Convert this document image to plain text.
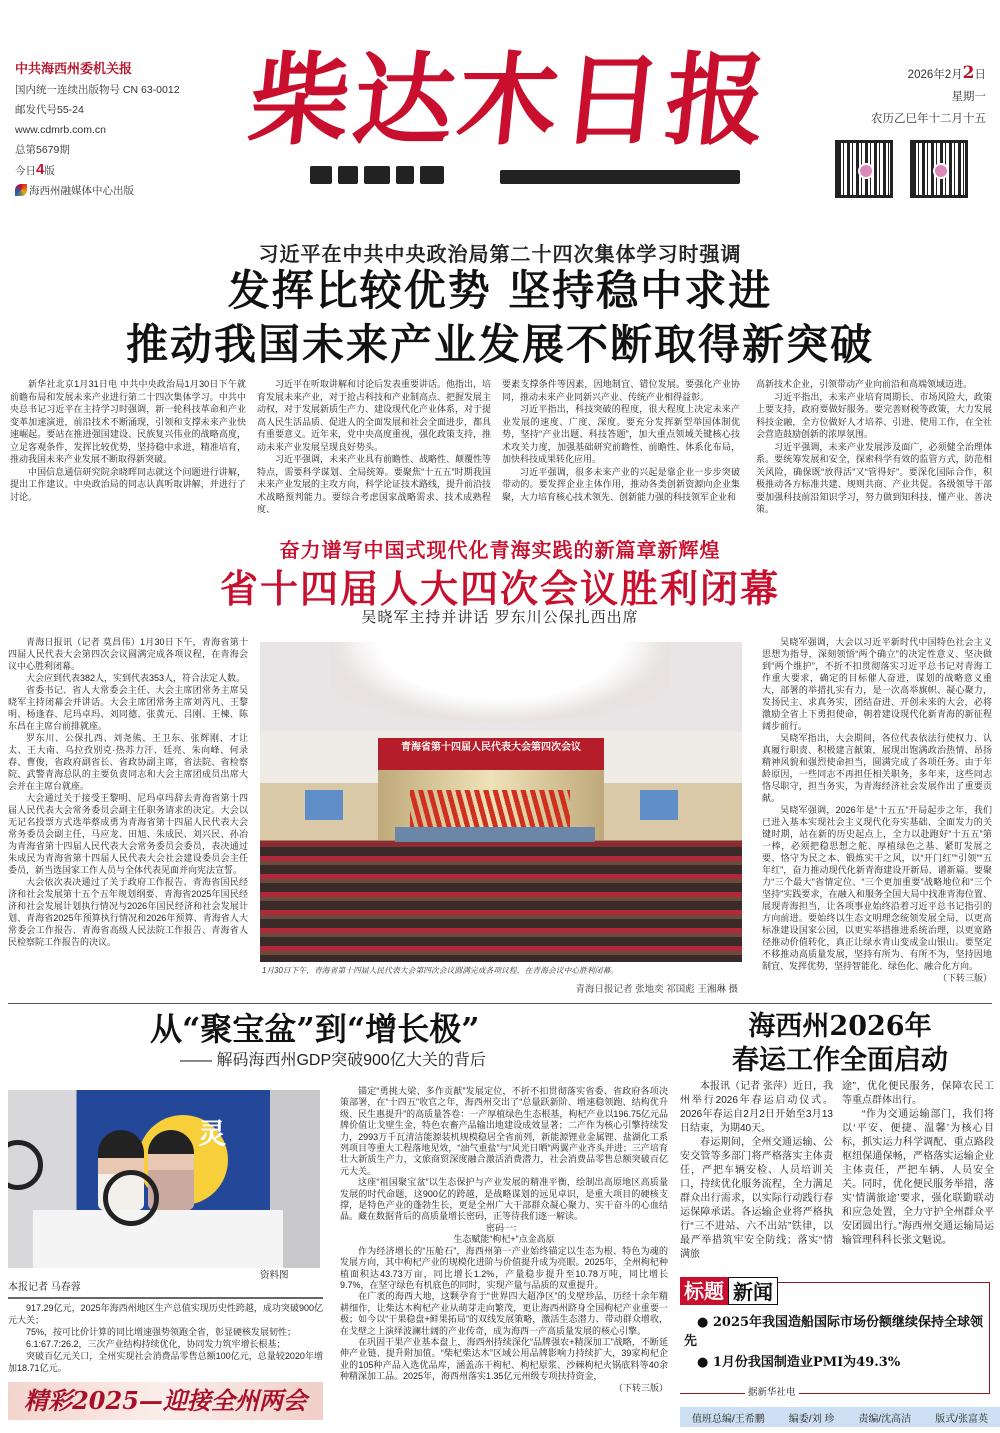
中共海西州委机关报
国内统一连续出版物号 CN 63-0012
邮发代号55-24
www.cdmrb.com.cn
总第5679期
今日4版
海西州融媒体中心出版
柴达木日报	2026年2月2日
星期一
农历乙巳年十二月十五
习近平在中共中央政治局第二十四次集体学习时强调
发挥比较优势 坚持稳中求进
推动我国未来产业发展不断取得新突破

新华社北京1月31日电 中共中央政治局1月30日下午就前瞻布局和发展未来产业进行第二十四次集体学习。中共中央总书记习近平在主持学习时强调，新一轮科技革命和产业变革加速演进，前沿技术不断涌现，引领和支撑未来产业快速崛起。要站在推进强国建设、民族复兴伟业的战略高度，立足客观条件，发挥比较优势，坚持稳中求进，精准培育，推动我国未来产业发展不断取得新突破。

中国信息通信研究院余晓晖同志就这个问题进行讲解，提出工作建议。中央政治局的同志认真听取讲解，并进行了讨论。

习近平在听取讲解和讨论后发表重要讲话。他指出，培育发展未来产业，对于抢占科技和产业制高点、把握发展主动权，对于发展新质生产力、建设现代化产业体系，对于提高人民生活品质、促进人的全面发展和社会全面进步，都具有重要意义。近年来，党中央高度重视，强化政策支持，推动未来产业发展呈现良好势头。

习近平强调，未来产业具有前瞻性、战略性、颠覆性等特点，需要科学谋划、全局统筹。要聚焦“十五五”时期我国未来产业发展的主攻方向，科学论证技术路线，提升前沿技术战略预判能力。要综合考虑国家战略需求、技术成熟程度、

要素支撑条件等因素，因地制宜、错位发展。要强化产业协同，推动未来产业同新兴产业、传统产业相得益彰。

习近平指出，科技突破的程度，很大程度上决定未来产业发展的速度、广度、深度。要充分发挥新型举国体制优势，坚持“产业出题、科技答题”，加大重点领域关键核心技术攻关力度，加强基础研究前瞻性、前瞻性、体系化布局，加快科技成果转化应用。

习近平强调，很多未来产业的兴起是靠企业一步步突破带动的。要发挥企业主体作用，推动各类创新资源向企业集聚，大力培育核心技术领先、创新能力强的科技领军企业和

高新技术企业，引领带动产业向前沿和高端领域迈进。

习近平指出，未来产业培育周期长、市场风险大，政策上要支持，政府要做好服务。要完善财税等政策，大力发展科技金融，全方位做好人才培养、引进、使用工作，在全社会营造鼓励创新的浓厚氛围。

习近平强调，未来产业发展涉及面广，必须健全治理体系。要统筹发展和安全，探索科学有效的监管方式，防范相关风险，确保既“放得活”又“管得好”。要深化国际合作，积极推动各方标准共建、规则共商、产业共促。各级领导干部要加强科技前沿知识学习，努力做到知科技、懂产业、善决策。

奋力谱写中国式现代化青海实践的新篇章新辉煌
省十四届人大四次会议胜利闭幕
吴晓军主持并讲话 罗东川公保扎西出席

青海日报讯（记者 莫昌伟）1月30日下午，青海省第十四届人民代表大会第四次会议圆满完成各项议程，在青海会议中心胜利闭幕。

大会应到代表382人，实到代表353人，符合法定人数。

省委书记、省人大常委会主任、大会主席团常务主席吴晓军主持闭幕会并讲话。大会主席团常务主席刘芮凡、王黎明、杨逢春、尼玛卓玛、刘同德、张黄元、吕刚、王楝、陈东昌在主席台前排就座。

罗东川、公保扎西、刘尧熊、王卫东、张辉刚、才让太、王大南、乌拉孜别克·热苏力汗、廷亮、朱向峰、何录春、曹俊，省政府副省长、省政协副主席，省法院、省检察院、武警青海总队的主要负责同志和大会主席团成员出席大会并在主席台就座。

大会通过关于接受王黎明、尼玛卓玛辞去青海省第十四届人民代表大会常务委员会副主任职务请求的决定。大会以无记名投票方式选举蔡成勇为青海省第十四届人民代表大会常务委员会副主任，马应龙、田旭、朱成民、刘兴民、孙冶为青海省第十四届人民代表大会常务委员会委员，表决通过朱成民为青海省第十四届人民代表大会社会建设委员会主任委员，新当选国家工作人员与全体代表见面并向宪法宣誓。

大会依次表决通过了关于政府工作报告、青海省国民经济和社会发展第十五个五年规划纲要、青海省2025年国民经济和社会发展计划执行情况与2026年国民经济和社会发展计划、青海省2025年预算执行情况和2026年预算、青海省人大常委会工作报告、青海省高级人民法院工作报告、青海省人民检察院工作报告的决议。

青海省第十四届人民代表大会第四次会议
1月30日下午，青海省第十四届人民代表大会第四次会议圆满完成各项议程，在青海会议中心胜利闭幕。
青海日报记者 张地奕 祁国彪 王湘琳 摄

吴晓军强调，大会以习近平新时代中国特色社会主义思想为指导，深刻领悟“两个确立”的决定性意义、坚决做到“两个维护”，不折不扣贯彻落实习近平总书记对青海工作重大要求，确定的目标催人奋进，谋划的战略意义重大，部署的举措扎实有力，是一次高举旗帜、凝心聚力，发扬民主、求真务实，团结奋进、开创未来的大会，必将激励全省上下勇担使命，朝着建设现代化新青海的新征程阔步前行。

吴晓军指出，大会期间，各位代表依法行使权力、认真履行职责、积极建言献策，展现出饱满政治热情、昂扬精神风貌和强烈使命担当，圆满完成了各项任务。由于年龄原因，一些同志不再担任相关职务，多年来，这些同志恪尽职守，担当务实，为青海经济社会发展作出了重要贡献。

吴晓军强调，2026年是“十五五”开局起步之年，我们已进入基本实现社会主义现代化夯实基础、全面发力的关键时期，站在新的历史起点上，全力以赴跑好“十五五”第一棒，必须把稳思想之舵、厚植绿色之基、紧盯发展之要、恪守为民之本、锻炼实干之风，以“开门红”“引领”“五年红”，奋力推动现代化新青海建设开新局、谱新篇。要聚力“三个最大”省情定位、“三个更加重要”战略地位和“三个坚持”实践要求，在融入和服务全国大局中找准青海位置、展现青海担当，让各项事业始终沿着习近平总书记指引的方向前进。要始终以生态文明理念统领发展全局，以更高标准建设国家公园，以更实举措推进系统治理，以更宽路径推动价值转化，真正让绿水青山变成金山银山。要坚定不移推动高质量发展，坚持有所为、有所不为，坚持因地制宜、发挥优势，坚持智能化、绿色化、融合化方向。

（下转三版）
从“聚宝盆”到“增长极”
—— 解码海西州GDP突破900亿大关的背后
灵
资料图
本报记者 马春蓉

917.29亿元，2025年海西州地区生产总值实现历史性跨越，成功突破900亿元大关；

75%，按可比价计算的同比增速强势领跑全省，彰显硬核发展韧性；

6.1:67.7:26.2，三次产业结构持续优化，协同发力筑牢增长根基；

突破百亿元关口，全州实现社会消费品零售总额100亿元，总量较2020年增加18.71亿元。

精彩2025—迎接全州两会

锚定“勇挑大梁、多作贡献”发展定位，不折不扣贯彻落实省委、省政府各项决策部署，在“十四五”收官之年，海西州交出了“总量跃新阶、增速稳领跑、结构优升级、民生惠提升”的高质量答卷：一产厚植绿色生态根基，枸杞产业以196.75亿元品牌价值让戈壁生金，特色农畜产品输出地建设成效显著；二产作为核心引擎持续发力，2993万千瓦清洁能源装机规模稳居全省前列，新能源锂业金属锂、盐湖化工系列项目等重大工程落地见效，“油气重盐”与“风光日晒”两翼产业齐头并进；三产培育壮大新质生产力，文旅商贸深度融合激活消费潜力，社会消费品零售总额突破百亿元大关。

这座“祖国聚宝盆”以生态保护与产业发展的精准平衡，绘制出高原地区高质量发展的时代命题，这900亿的跨越，是战略谋划的远见卓识，是重大项目的硬核支撑，是特色产业的蓬勃生长，更是全州广大干部群众凝心聚力、实干奋斗的心血结晶。藏在数据背后的高质量增长密码，正等待我们逐一解读。

密码一：
生态赋能“枸杞+”点金高原

作为经济增长的“压舱石”，海西州第一产业始终锚定以生态为根、特色为魂的发展方向，其中枸杞产业的规模化进阶与价值提升成为亮眼。2025年，全州枸杞种植面积达43.73万亩，同比增长1.2%，产量稳步提升至10.78万吨，同比增长9.7%，在坚守绿色有机底色的同时，实现产量与品质的双重提升。

在广袤的海西大地，这颗孕育于“世界四大超净区”的戈壁珍品，历经十余年精耕细作，让柴达木枸杞产业从萌芽走向繁茂，更让海西州跻身全国枸杞产业重要一极；如今以“干果稳盘+鲜果拓局”的双线发展策略，激活生态潜力、带动群众增收，在戈壁之上演绎波澜壮阔的产业传奇，成为海西一产高质量发展的核心引擎。

在巩固干果产业基本盘上，海西州持续深化“品牌强农+精深加工”战略，不断延伸产业链、提升附加值。“柴杞柴达木”区域公用品牌影响力持续扩大，39家枸杞企业的105种产品入选优品库，涵盖冻干枸杞、枸杞原浆、沙棘枸杞火锅底料等40余种精深加工品。2025年，海西州落实1.35亿元州级专项扶持资金，

（下转三版）
海西州2026年
春运工作全面启动

本报讯（记者 张萍）近日，我州举行2026年春运启动仪式。2026年春运自2月2日开始至3月13日结束，为期40天。

春运期间，全州交通运输、公安交管等多部门将严格落实主体责任，严把车辆安检、人员培训关口，持续优化服务流程，全力满足群众出行需求，以实际行动践行春运保障承诺。各运输企业将严格执行“三不进站、六不出站”铁律，以最严举措筑牢安全防线；落实“情满旅

途”，优化便民服务，保障农民工等重点群体出行。

“作为交通运输部门，我们将以‘平安、便捷、温馨’为核心目标，抓实运力科学调配、重点路段枢纽保通保畅，严格落实运输企业主体责任，严把车辆、人员安全关。同时，优化便民服务举措，落实‘情满旅途’要求，强化联勤联动和应急处置，全力守护全州群众平安团圆出行。”海西州交通运输局运输管理科科长张文魁说。

标题 新闻
● 2025年我国造船国际市场份额继续保持全球领先
● 1月份我国制造业PMI为49.3%
据新华社电
值班总编/王希鹏 编委/刘 珍 责编/沈高洁 版式/张富英
